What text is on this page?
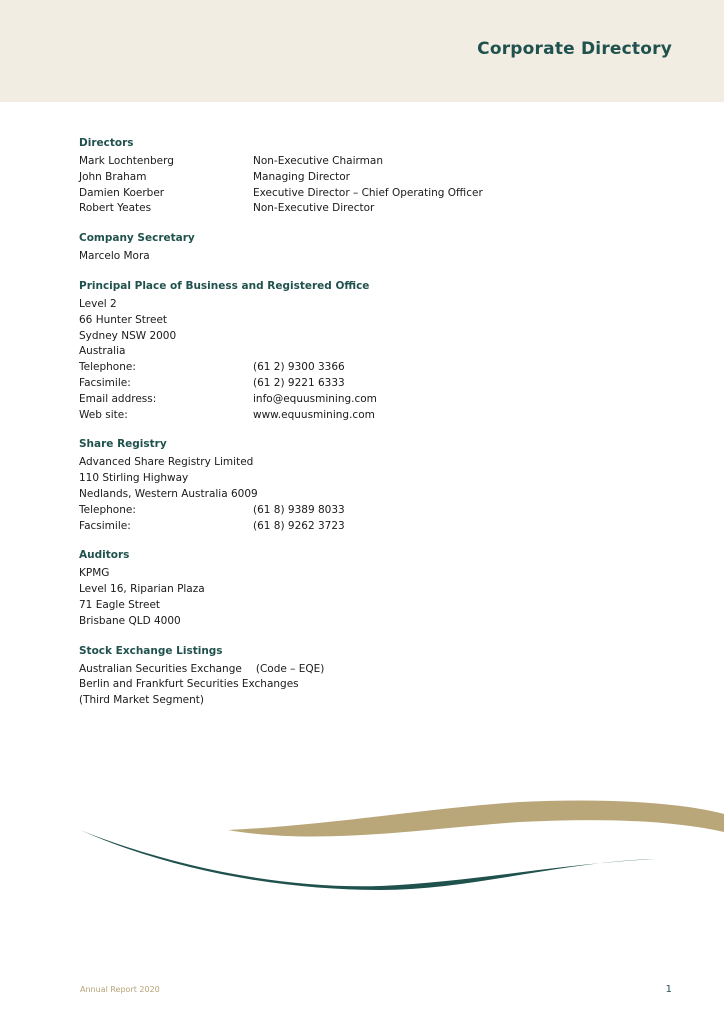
Corporate Directory
Directors
Mark Lochtenberg	Non-Executive Chairman
John Braham	Managing Director
Damien Koerber	Executive Director – Chief Operating Officer
Robert Yeates	Non-Executive Director
Company Secretary
Marcelo Mora
Principal Place of Business and Registered Office
Level 2
66 Hunter Street
Sydney NSW 2000
Australia
Telephone:	(61 2) 9300 3366
Facsimile:	(61 2) 9221 6333
Email address:	info@equusmining.com
Web site:	www.equusmining.com
Share Registry
Advanced Share Registry Limited
110 Stirling Highway
Nedlands, Western Australia 6009
Telephone:	(61 8) 9389 8033
Facsimile:	(61 8) 9262 3723
Auditors
KPMG
Level 16, Riparian Plaza
71 Eagle Street
Brisbane QLD 4000
Stock Exchange Listings
Australian Securities Exchange (Code – EQE)
Berlin and Frankfurt Securities Exchanges
(Third Market Segment)
Annual Report 2020	1
